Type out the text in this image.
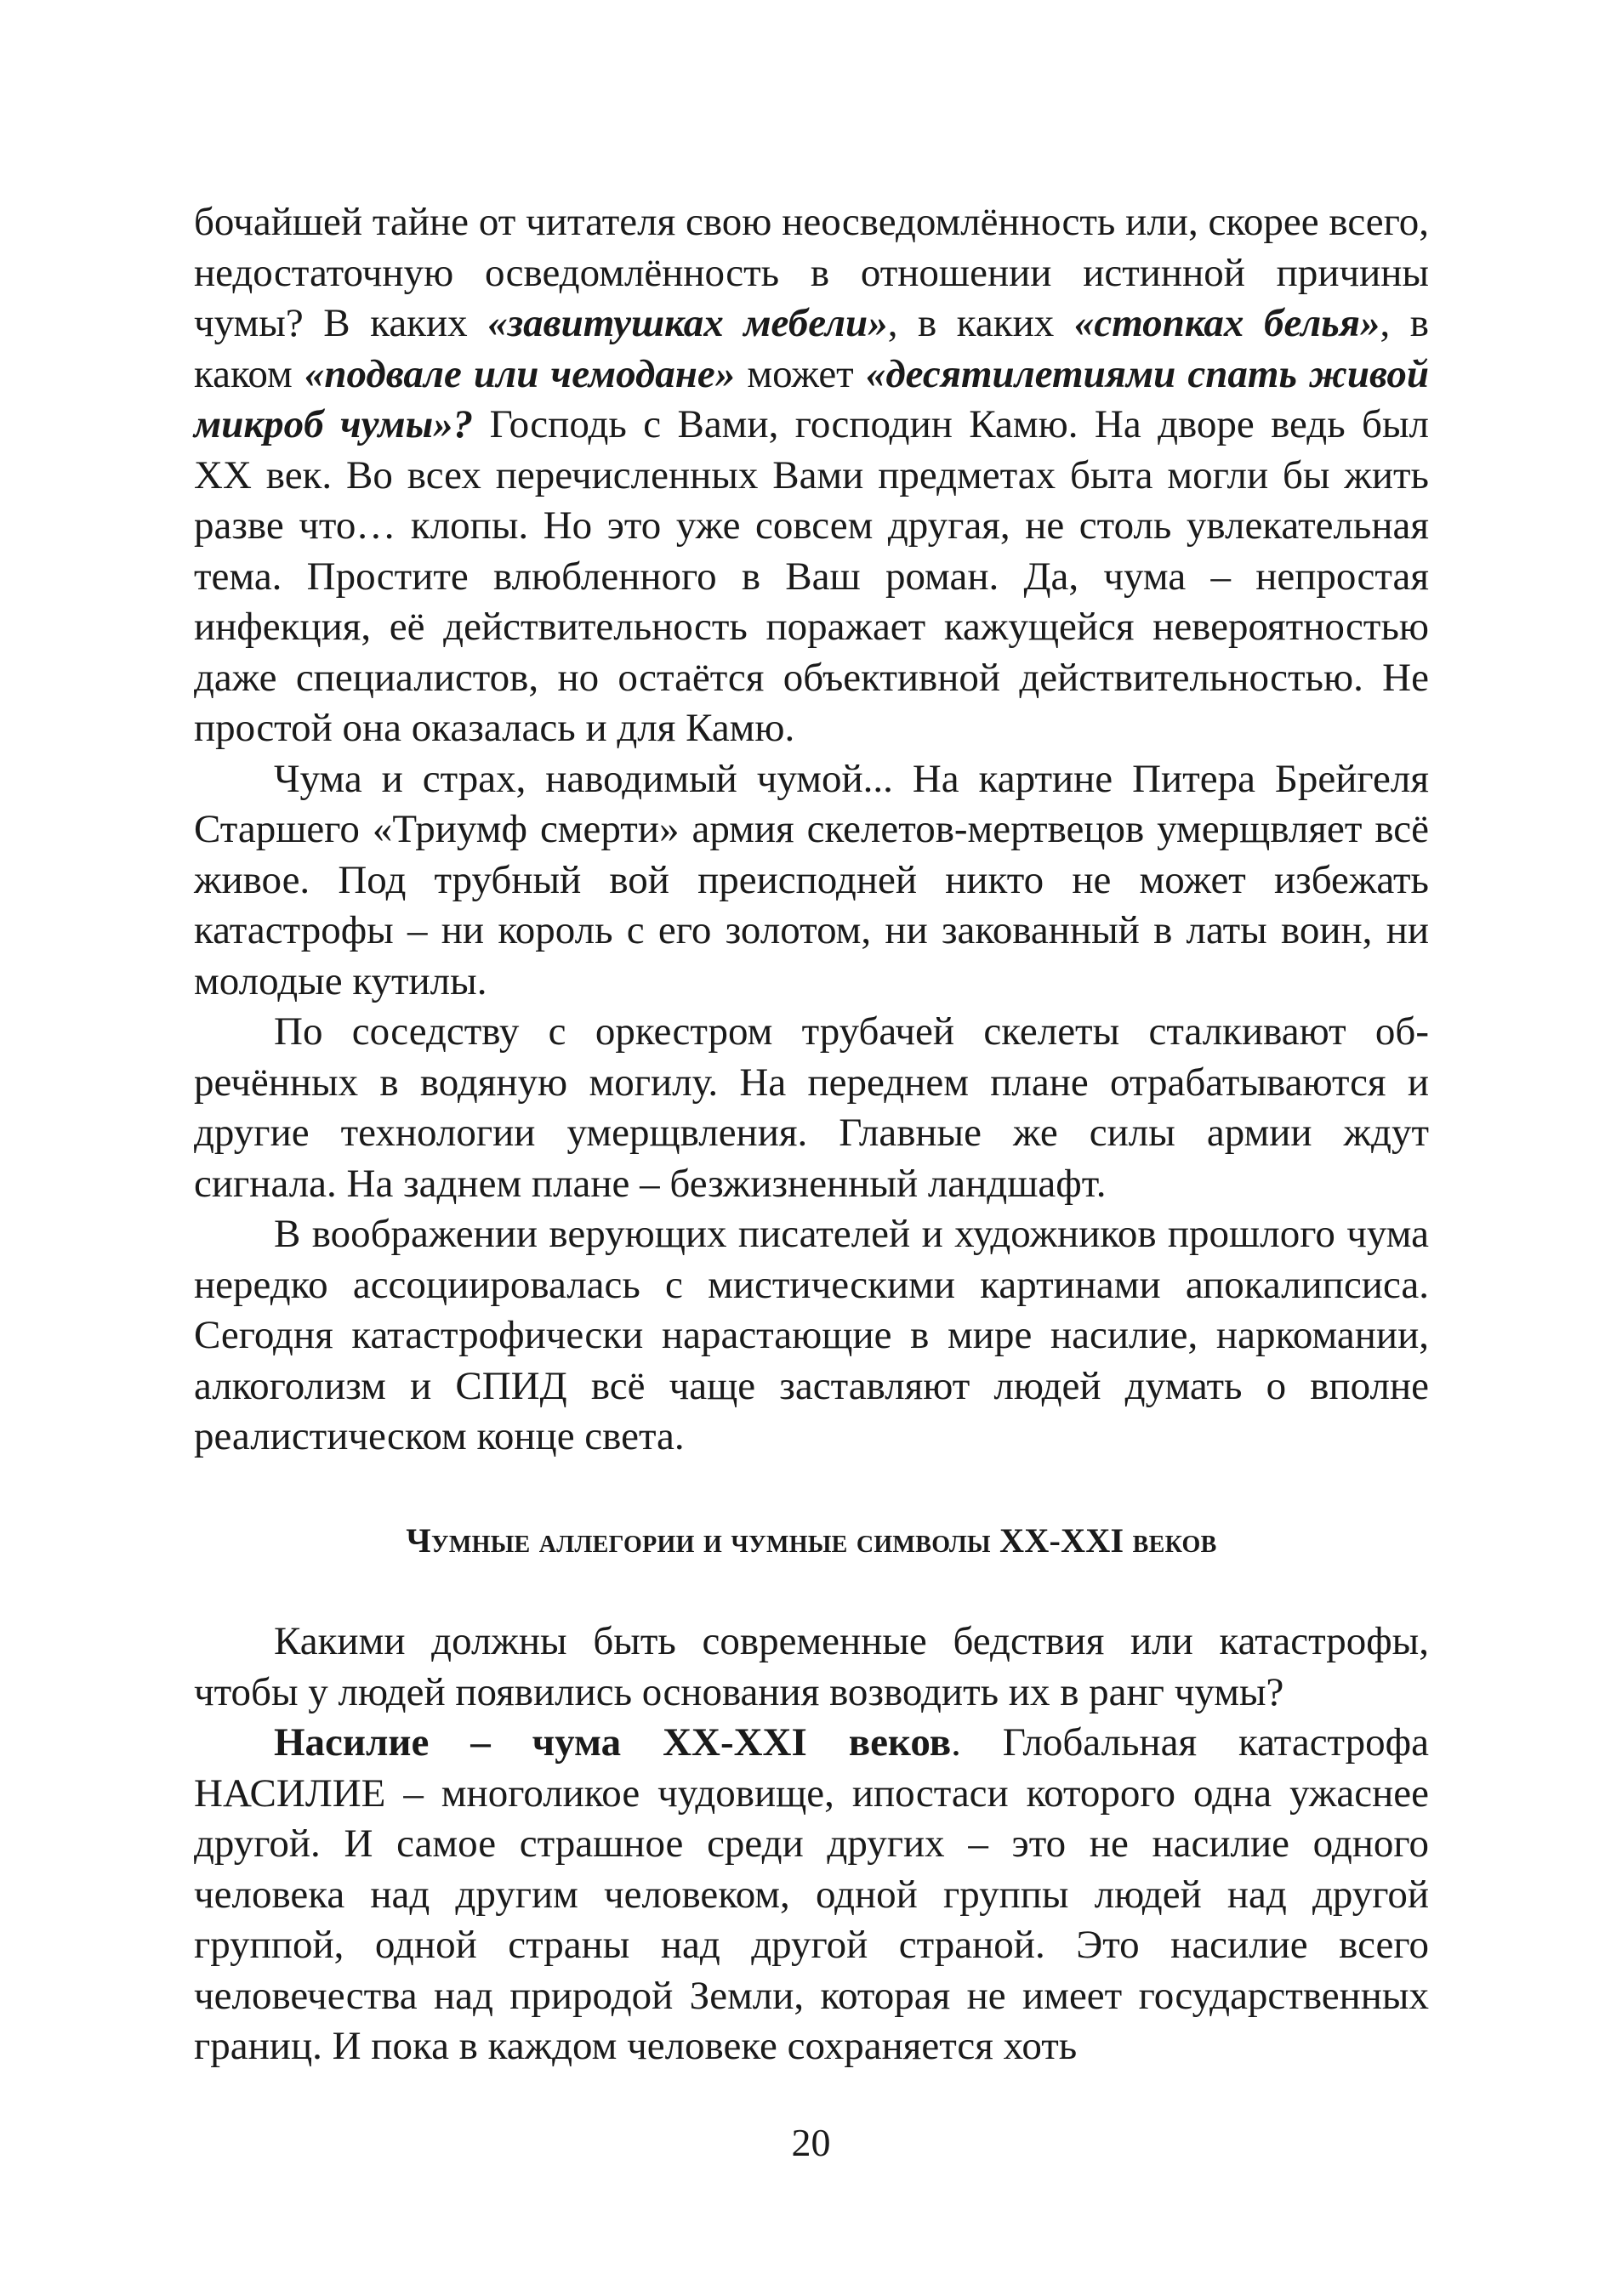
бочайшей тайне от читателя свою неосведомлённость или, скорее всего, недостаточную осведомлённость в отношении истинной причины чумы? В каких «завитушках мебели», в каких «стопках белья», в каком «подвале или чемодане» может «десятилетиями спать живой микроб чумы»? Господь с Вами, господин Камю. На дворе ведь был XX век. Во всех перечисленных Вами предметах быта могли бы жить разве что… клопы. Но это уже совсем другая, не столь увлекательная тема. Простите влюбленного в Ваш роман. Да, чума – непростая инфекция, её действительность поражает кажущейся невероятностью даже специалистов, но остаётся объективной действительностью. Не простой она оказалась и для Камю.

Чума и страх, наводимый чумой... На картине Питера Брейгеля Старшего «Триумф смерти» армия скелетов-мертвецов умерщвляет всё живое. Под трубный вой преисподней никто не может избежать катастрофы – ни король с его золотом, ни закованный в латы воин, ни молодые кутилы.

По соседству с оркестром трубачей скелеты сталкивают обречённых в водяную могилу. На переднем плане отрабатываются и другие технологии умерщвления. Главные же силы армии ждут сигнала. На заднем плане – безжизненный ландшафт.

В воображении верующих писателей и художников прошлого чума нередко ассоциировалась с мистическими картинами апокалипсиса. Сегодня катастрофически нарастающие в мире насилие, наркомании, алкоголизм и СПИД всё чаще заставляют людей думать о вполне реалистическом конце света.

Чумные аллегории и чумные символы XX-XXI веков

Какими должны быть современные бедствия или катастрофы, чтобы у людей появились основания возводить их в ранг чумы?

Насилие – чума XX-XXI веков. Глобальная катастрофа НАСИЛИЕ – многоликое чудовище, ипостаси которого одна ужаснее другой. И самое страшное среди других – это не насилие одного человека над другим человеком, одной группы людей над другой группой, одной страны над другой страной. Это насилие всего человечества над природой Земли, которая не имеет государственных границ. И пока в каждом человеке сохраняется хоть

20
